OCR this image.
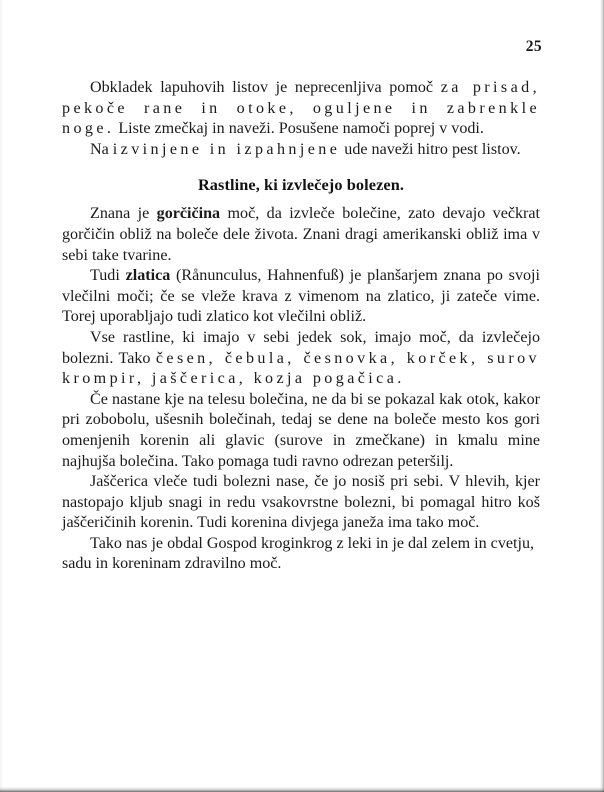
25

Obkladek lapuhovih listov je neprecenljiva pomoč za prisad, pekoče rane in otoke, oguljene in zabrenkle noge. Liste zmečkaj in naveži. Posušene namoči poprej v vodi.

Na izvinjene in izpahnjene ude naveži hitro pest listov.

Rastline, ki izvlečejo bolezen.

Znana je gorčičina moč, da izvleče bolečine, zato devajo večkrat gorčičin obliž na boleče dele života. Znani dragi amerikanski obliž ima v sebi take tvarine.

Tudi zlatica (Rånunculus, Hahnenfuß) je planšarjem znana po svoji vlečilni moči; če se vleže krava z vimenom na zlatico, ji zateče vime. Torej uporabljajo tudi zlatico kot vlečilni obliž.

Vse rastline, ki imajo v sebi jedek sok, imajo moč, da izvlečejo bolezni. Tako česen, čebula, česnovka, korček, surov krompir, jaščerica, kozja pogačica.

Če nastane kje na telesu bolečina, ne da bi se pokazal kak otok, kakor pri zobobolu, ušesnih bolečinah, tedaj se dene na boleče mesto kos gori omenjenih korenin ali glavic (surove in zmečkane) in kmalu mine najhujša bolečina. Tako pomaga tudi ravno odrezan peteršilj.

Jaščerica vleče tudi bolezni nase, če jo nosiš pri sebi. V hlevih, kjer nastopajo kljub snagi in redu vsakovrstne bolezni, bi pomagal hitro koš jaščeričinih korenin. Tudi korenina divjega janeža ima tako moč.

Tako nas je obdal Gospod kroginkrog z leki in je dal zelem in cvetju, sadu in koreninam zdravilno moč.
